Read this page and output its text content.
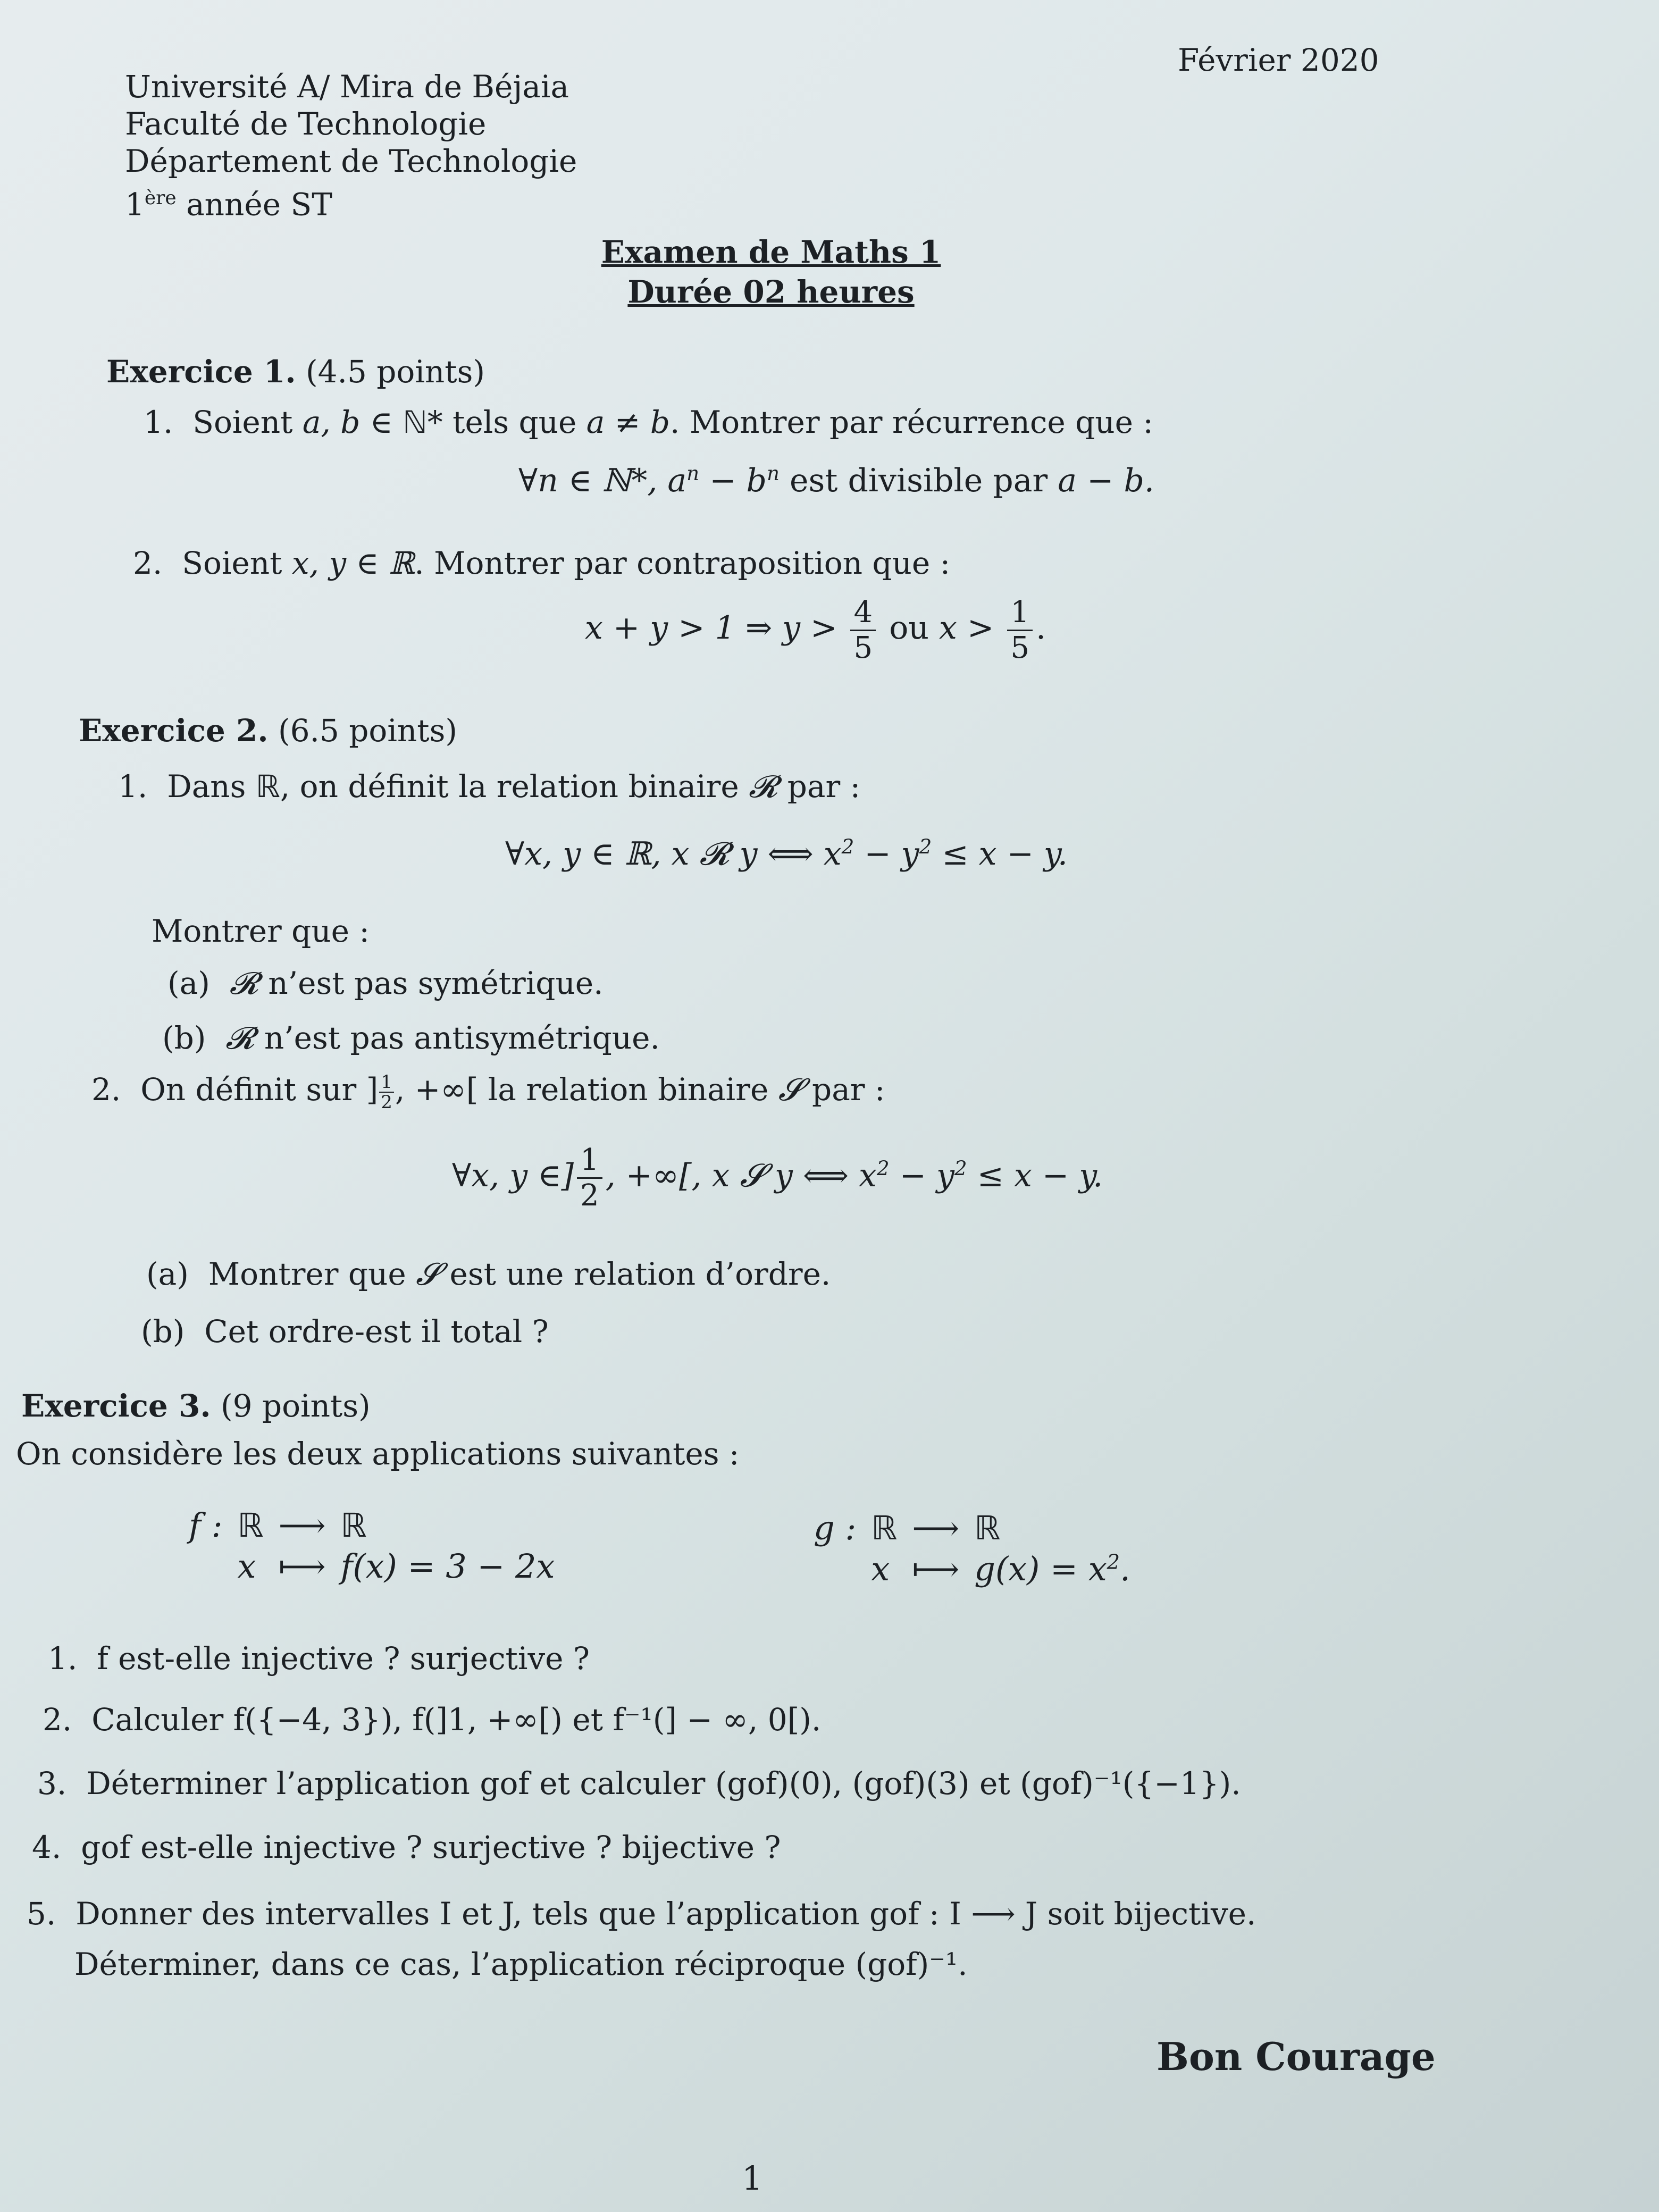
Février 2020
Université A/ Mira de Béjaia
Faculté de Technologie
Département de Technologie
1ère année ST
Examen de Maths 1
Durée 02 heures
Exercice 1. (4.5 points)
1. Soient a, b ∈ ℕ* tels que a ≠ b. Montrer par récurrence que :
∀n ∈ ℕ*, $a^n - b^n$ est divisible par a − b.
2. Soient x, y ∈ ℝ. Montrer par contraposition que :
x + y > 1 ⇒ $y > \frac{4}{5}$ ou $x > \frac{1}{5}$ .
Exercice 2. (6.5 points)
1. Dans ℝ, on définit la relation binaire 𝓡 par :
∀x, y ∈ ℝ, x 𝓡 y ⟺ $x^2 - y^2 \le x - y$.
Montrer que :
(a) 𝓡 n’est pas symétrique.
(b) 𝓡 n’est pas antisymétrique.
2. On définit sur ] $\frac{1}{2}$ , +∞[ la relation binaire 𝓢 par :
∀x, y ∈] $\frac{1}{2}$ , +∞[, x 𝓢 y ⟺ $x^2 - y^2 \le x - y$.
(a) Montrer que 𝓢 est une relation d’ordre.
(b) Cet ordre-est il total ?
Exercice 3. (9 points)
On considère les deux applications suivantes :
f :	ℝ	⟶	ℝ
	x	⟼	f(x) = 3 − 2x
g :	ℝ	⟶	ℝ
	x	⟼	$g(x) = x^2$.
1. f est-elle injective ? surjective ?
2. Calculer f({−4, 3}), f(]1, +∞[) et f⁻¹(] − ∞, 0[).
3. Déterminer l’application gof et calculer (gof)(0), (gof)(3) et (gof)⁻¹({−1}).
4. gof est-elle injective ? surjective ? bijective ?
5. Donner des intervalles I et J, tels que l’application gof : I ⟶ J soit bijective.
Déterminer, dans ce cas, l’application réciproque (gof)⁻¹.
Bon Courage
1
